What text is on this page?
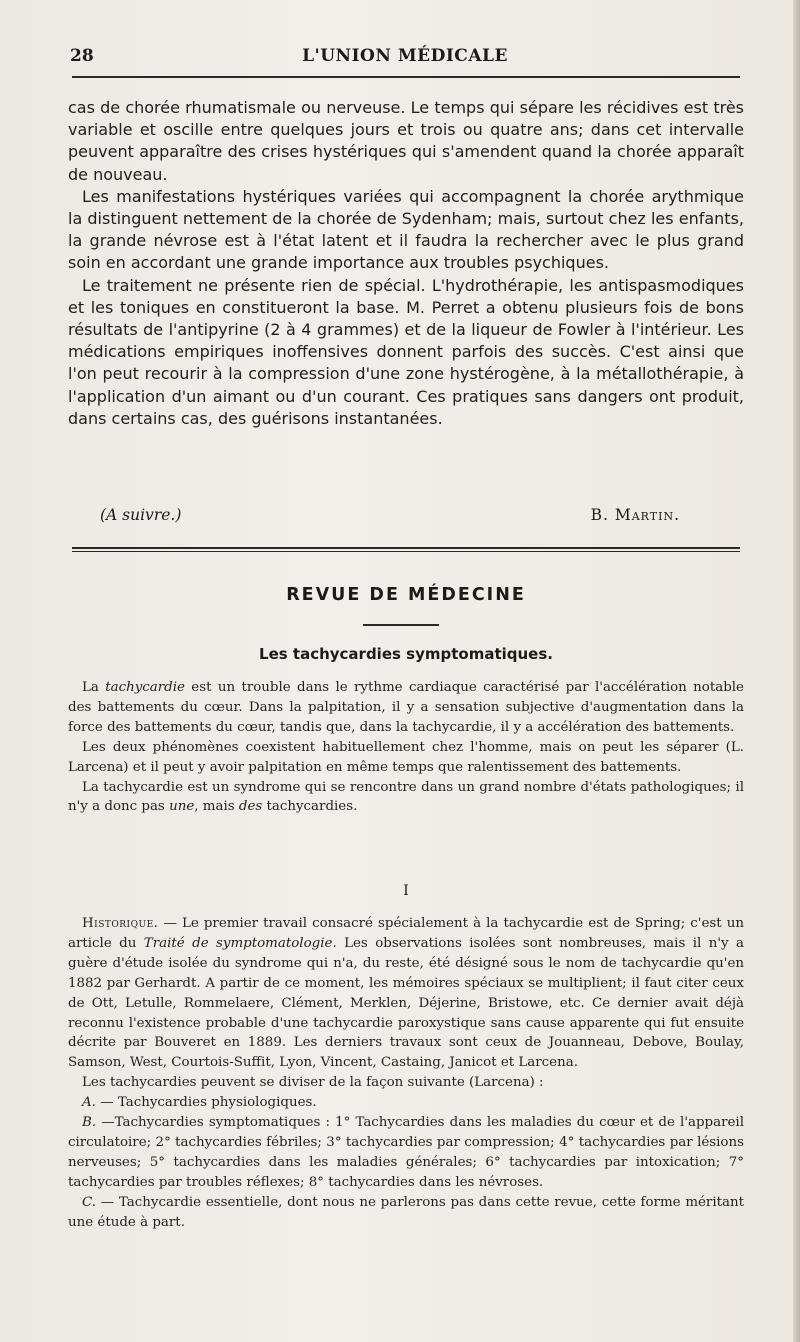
28	L'UNION MÉDICALE

cas de chorée rhumatismale ou nerveuse. Le temps qui sépare les récidives est très variable et oscille entre quelques jours et trois ou quatre ans; dans cet intervalle peuvent apparaître des crises hystériques qui s'amendent quand la chorée apparaît de nouveau.

Les manifestations hystériques variées qui accompagnent la chorée arythmique la distinguent nettement de la chorée de Sydenham; mais, surtout chez les enfants, la grande névrose est à l'état latent et il faudra la rechercher avec le plus grand soin en accordant une grande importance aux troubles psychiques.

Le traitement ne présente rien de spécial. L'hydrothérapie, les antispasmodiques et les toniques en constitueront la base. M. Perret a obtenu plusieurs fois de bons résultats de l'antipyrine (2 à 4 grammes) et de la liqueur de Fowler à l'intérieur. Les médications empiriques inoffensives donnent parfois des succès. C'est ainsi que l'on peut recourir à la compression d'une zone hystérogène, à la métallothérapie, à l'application d'un aimant ou d'un courant. Ces pratiques sans dangers ont produit, dans certains cas, des guérisons instantanées.

(A suivre.)	B. Martin.
REVUE DE MÉDECINE
Les tachycardies symptomatiques.

La tachycardie est un trouble dans le rythme cardiaque caractérisé par l'accélération notable des battements du cœur. Dans la palpitation, il y a sensation subjective d'augmentation dans la force des battements du cœur, tandis que, dans la tachycardie, il y a accélération des battements.

Les deux phénomènes coexistent habituellement chez l'homme, mais on peut les séparer (L. Larcena) et il peut y avoir palpitation en même temps que ralentissement des battements.

La tachycardie est un syndrome qui se rencontre dans un grand nombre d'états pathologiques; il n'y a donc pas une, mais des tachycardies.

I

Historique. — Le premier travail consacré spécialement à la tachycardie est de Spring; c'est un article du Traité de symptomatologie. Les observations isolées sont nombreuses, mais il n'y a guère d'étude isolée du syndrome qui n'a, du reste, été désigné sous le nom de tachycardie qu'en 1882 par Gerhardt. A partir de ce moment, les mémoires spéciaux se multiplient; il faut citer ceux de Ott, Letulle, Rommelaere, Clément, Merklen, Déjerine, Bristowe, etc. Ce dernier avait déjà reconnu l'existence probable d'une tachycardie paroxystique sans cause apparente qui fut ensuite décrite par Bouveret en 1889. Les derniers travaux sont ceux de Jouanneau, Debove, Boulay, Samson, West, Courtois-Suffit, Lyon, Vincent, Castaing, Janicot et Larcena.

Les tachycardies peuvent se diviser de la façon suivante (Larcena) :

A. — Tachycardies physiologiques.

B. —Tachycardies symptomatiques : 1° Tachycardies dans les maladies du cœur et de l'appareil circulatoire; 2° tachycardies fébriles; 3° tachycardies par compression; 4° tachycardies par lésions nerveuses; 5° tachycardies dans les maladies générales; 6° tachycardies par intoxication; 7° tachycardies par troubles réflexes; 8° tachycardies dans les névroses.

C. — Tachycardie essentielle, dont nous ne parlerons pas dans cette revue, cette forme méritant une étude à part.
